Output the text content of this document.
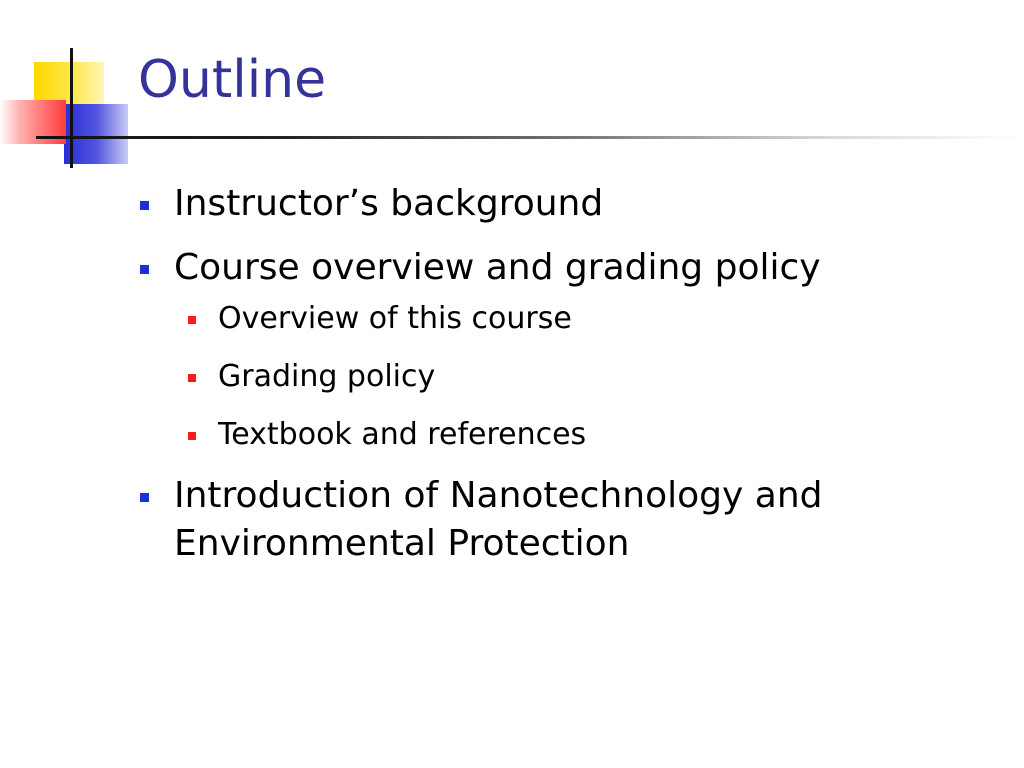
Outline
Instructor’s background
Course overview and grading policy
Overview of this course
Grading policy
Textbook and references
Introduction of Nanotechnology and Environmental Protection
